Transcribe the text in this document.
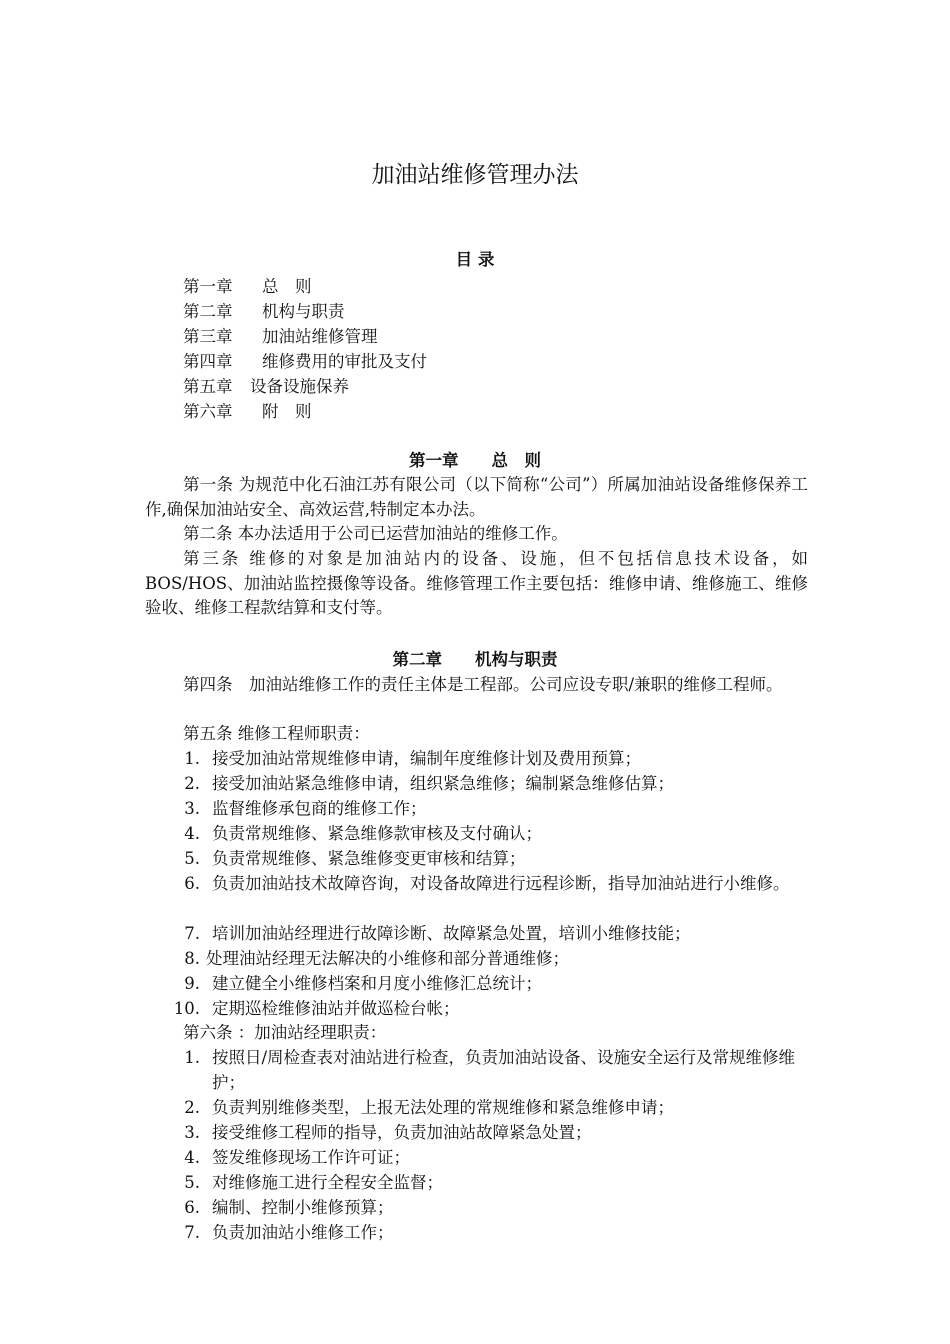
加油站维修管理办法
目 录
第一章 总　则
第二章 机构与职责
第三章 加油站维修管理
第四章 维修费用的审批及支付
第五章 设备设施保养
第六章 附　则
第一章　　总　则
第一条 为规范中化石油江苏有限公司（以下简称“公司”）所属加油站设备维修保养工作,确保加油站安全、高效运营,特制定本办法。
第二条 本办法适用于公司已运营加油站的维修工作。
第三条 维修的对象是加油站内的设备、设施，但不包括信息技术设备，如BOS/HOS、加油站监控摄像等设备。维修管理工作主要包括：维修申请、维修施工、维修验收、维修工程款结算和支付等。
第二章　　机构与职责
第四条　加油站维修工作的责任主体是工程部。公司应设专职/兼职的维修工程师。
第五条 维修工程师职责：
1. 接受加油站常规维修申请，编制年度维修计划及费用预算；
2. 接受加油站紧急维修申请，组织紧急维修；编制紧急维修估算；
3. 监督维修承包商的维修工作；
4. 负责常规维修、紧急维修款审核及支付确认；
5. 负责常规维修、紧急维修变更审核和结算；
6. 负责加油站技术故障咨询，对设备故障进行远程诊断，指导加油站进行小维修。
7. 培训加油站经理进行故障诊断、故障紧急处置，培训小维修技能；
8. 处理油站经理无法解决的小维修和部分普通维修；
9. 建立健全小维修档案和月度小维修汇总统计；
10. 定期巡检维修油站并做巡检台帐；
第六条 ：加油站经理职责：
1. 按照日/周检查表对油站进行检查，负责加油站设备、设施安全运行及常规维修维护；
2. 负责判别维修类型，上报无法处理的常规维修和紧急维修申请；
3. 接受维修工程师的指导，负责加油站故障紧急处置；
4. 签发维修现场工作许可证；
5. 对维修施工进行全程安全监督；
6. 编制、控制小维修预算；
7. 负责加油站小维修工作；
